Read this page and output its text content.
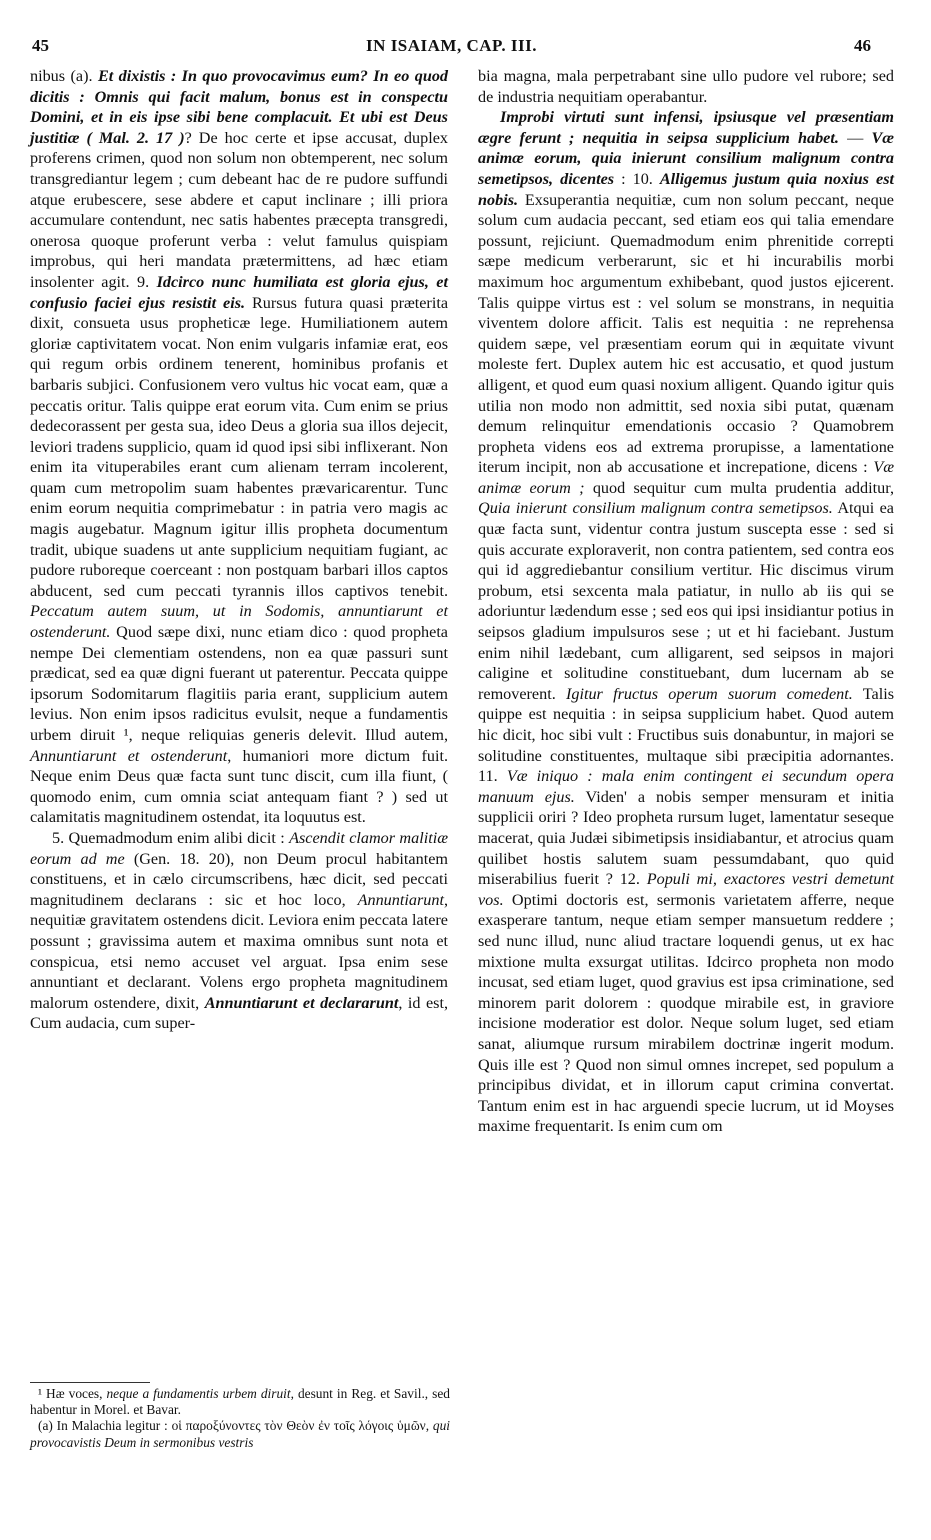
45	IN ISAIAM, CAP. III.	46

nibus (a). Et dixistis : In quo provocavimus eum? In eo quod dicitis : Omnis qui facit malum, bonus est in conspectu Domini, et in eis ipse sibi bene complacuit. Et ubi est Deus justitiæ ( Mal. 2. 17 )? De hoc certe et ipse accusat, duplex proferens crimen, quod non solum non obtemperent, nec solum transgrediantur legem ; cum debeant hac de re pudore suffundi atque erubescere, sese abdere et caput inclinare ; illi priora accumulare contendunt, nec satis habentes præcepta transgredi, onerosa quoque proferunt verba : velut famulus quispiam improbus, qui heri mandata prætermittens, ad hæc etiam insolenter agit. 9. Idcirco nunc humiliata est gloria ejus, et confusio faciei ejus resistit eis. Rursus futura quasi præterita dixit, consueta usus propheticæ lege. Humiliationem autem gloriæ captivitatem vocat. Non enim vulgaris infamiæ erat, eos qui regum orbis ordinem tenerent, hominibus profanis et barbaris subjici. Confusionem vero vultus hic vocat eam, quæ a peccatis oritur. Talis quippe erat eorum vita. Cum enim se prius dedecorassent per gesta sua, ideo Deus a gloria sua illos dejecit, leviori tradens supplicio, quam id quod ipsi sibi inflixerant. Non enim ita vituperabiles erant cum alienam terram incolerent, quam cum metropolim suam habentes prævaricarentur. Tunc enim eorum nequitia comprimebatur : in patria vero magis ac magis augebatur. Magnum igitur illis propheta documentum tradit, ubique suadens ut ante supplicium nequitiam fugiant, ac pudore ruboreque coerceant : non postquam barbari illos captos abducent, sed cum peccati tyrannis illos captivos tenebit. Peccatum autem suum, ut in Sodomis, annuntiarunt et ostenderunt. Quod sæpe dixi, nunc etiam dico : quod propheta nempe Dei clementiam ostendens, non ea quæ passuri sunt prædicat, sed ea quæ digni fuerant ut paterentur. Peccata quippe ipsorum Sodomitarum flagitiis paria erant, supplicium autem levius. Non enim ipsos radicitus evulsit, neque a fundamentis urbem diruit ¹, neque reliquias generis delevit. Illud autem, Annuntiarunt et ostenderunt, humaniori more dictum fuit. Neque enim Deus quæ facta sunt tunc discit, cum illa fiunt, ( quomodo enim, cum omnia sciat antequam fiant ? ) sed ut calamitatis magnitudinem ostendat, ita loquutus est.

5. Quemadmodum enim alibi dicit : Ascendit clamor malitiæ eorum ad me (Gen. 18. 20), non Deum procul habitantem constituens, et in cælo circumscribens, hæc dicit, sed peccati magnitudinem declarans : sic et hoc loco, Annuntiarunt, nequitiæ gravitatem ostendens dicit. Leviora enim peccata latere possunt ; gravissima autem et maxima omnibus sunt nota et conspicua, etsi nemo accuset vel arguat. Ipsa enim sese annuntiant et declarant. Volens ergo propheta magnitudinem malorum ostendere, dixit, Annuntiarunt et declararunt, id est, Cum audacia, cum super-

¹ Hæ voces, neque a fundamentis urbem diruit, desunt in Reg. et Savil., sed habentur in Morel. et Bavar.

(a) In Malachia legitur : οἱ παροξύνοντες τὸν Θεὸν ἐν τοῖς λόγοις ὑμῶν, qui provocavistis Deum in sermonibus vestris

bia magna, mala perpetrabant sine ullo pudore vel rubore; sed de industria nequitiam operabantur.

Improbi virtuti sunt infensi, ipsiusque vel præsentiam ægre ferunt ; nequitia in seipsa supplicium habet. — Væ animæ eorum, quia inierunt consilium malignum contra semetipsos, dicentes : 10. Alligemus justum quia noxius est nobis. Exsuperantia nequitiæ, cum non solum peccant, neque solum cum audacia peccant, sed etiam eos qui talia emendare possunt, rejiciunt. Quemadmodum enim phrenitide correpti sæpe medicum verberarunt, sic et hi incurabilis morbi maximum hoc argumentum exhibebant, quod justos ejicerent. Talis quippe virtus est : vel solum se monstrans, in nequitia viventem dolore afficit. Talis est nequitia : ne reprehensa quidem sæpe, vel præsentiam eorum qui in æquitate vivunt moleste fert. Duplex autem hic est accusatio, et quod justum alligent, et quod eum quasi noxium alligent. Quando igitur quis utilia non modo non admittit, sed noxia sibi putat, quænam demum relinquitur emendationis occasio ? Quamobrem propheta videns eos ad extrema prorupisse, a lamentatione iterum incipit, non ab accusatione et increpatione, dicens : Væ animæ eorum ; quod sequitur cum multa prudentia additur, Quia inierunt consilium malignum contra semetipsos. Atqui ea quæ facta sunt, videntur contra justum suscepta esse : sed si quis accurate exploraverit, non contra patientem, sed contra eos qui id aggrediebantur consilium vertitur. Hic discimus virum probum, etsi sexcenta mala patiatur, in nullo ab iis qui se adoriuntur lædendum esse ; sed eos qui ipsi insidiantur potius in seipsos gladium impulsuros sese ; ut et hi faciebant. Justum enim nihil lædebant, cum alligarent, sed seipsos in majori caligine et solitudine constituebant, dum lucernam ab se removerent. Igitur fructus operum suorum comedent. Talis quippe est nequitia : in seipsa supplicium habet. Quod autem hic dicit, hoc sibi vult : Fructibus suis donabuntur, in majori se solitudine constituentes, multaque sibi præcipitia adornantes. 11. Væ iniquo : mala enim contingent ei secundum opera manuum ejus. Viden' a nobis semper mensuram et initia supplicii oriri ? Ideo propheta rursum luget, lamentatur seseque macerat, quia Judæi sibimetipsis insidiabantur, et atrocius quam quilibet hostis salutem suam pessumdabant, quo quid miserabilius fuerit ? 12. Populi mi, exactores vestri demetunt vos. Optimi doctoris est, sermonis varietatem afferre, neque exasperare tantum, neque etiam semper mansuetum reddere ; sed nunc illud, nunc aliud tractare loquendi genus, ut ex hac mixtione multa exsurgat utilitas. Idcirco propheta non modo incusat, sed etiam luget, quod gravius est ipsa criminatione, sed minorem parit dolorem : quodque mirabile est, in graviore incisione moderatior est dolor. Neque solum luget, sed etiam sanat, aliumque rursum mirabilem doctrinæ ingerit modum. Quis ille est ? Quod non simul omnes increpet, sed populum a principibus dividat, et in illorum caput crimina convertat. Tantum enim est in hac arguendi specie lucrum, ut id Moyses maxime frequentarit. Is enim cum om
